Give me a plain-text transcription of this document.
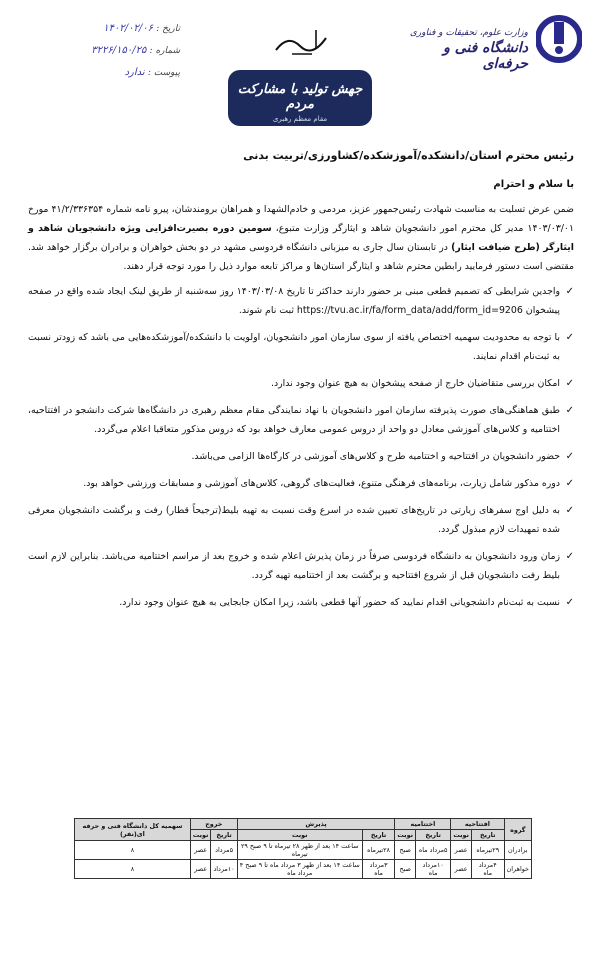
وزارت علوم، تحقیقات و فناوری
دانشگاه فنی و حرفه‌ای
جهش تولید با مشارکت مردم
مقام معظم رهبری
تاریخ : ۱۴۰۲/۰۲/۰۶
شماره : ۳۲۲۶/۱۵۰/۲۵
پیوست : ندارد
رئیس محترم استان/دانشکده/آموزشکده/کشاورزی/تربیت بدنی
با سلام و احترام
ضمن عرض تسلیت به مناسبت شهادت رئیس‌جمهور عزیز، مردمی و خادم‌الشهدا و همراهان برومندشان، پیرو نامه شماره ۴۱/۲/۳۳۶۳۵۴ مورخ ۱۴۰۳/۰۳/۰۱ مدیر کل محترم امور دانشجویان شاهد و ایثارگر وزارت متبوع، سومین دوره بصیرت‌افزایی ویژه دانشجویان شاهد و ایثارگر (طرح ضیافت ایثار) در تابستان سال جاری به میزبانی دانشگاه فردوسی مشهد در دو بخش خواهران و برادران برگزار خواهد شد. مقتضی است دستور فرمایید رابطین محترم شاهد و ایثارگر استان‌ها و مراکز تابعه موارد ذیل را مورد توجه قرار دهند.
✓
واجدین شرایطی که تصمیم قطعی مبنی بر حضور دارند حداکثر تا تاریخ ۱۴۰۳/۰۳/۰۸ روز سه‌شنبه از طریق لینک ایجاد شده واقع در صفحه پیشخوان https://tvu.ac.ir/fa/form_data/add/form_id=9206 ثبت نام شوند.
✓
با توجه به محدودیت سهمیه اختصاص یافته از سوی سازمان امور دانشجویان، اولویت با دانشکده/آموزشکده‌هایی می باشد که زودتر نسبت به ثبت‌نام اقدام نمایند.
✓
امکان بررسی متقاضیان خارج از صفحه پیشخوان به هیچ عنوان وجود ندارد.
✓
طبق هماهنگی‌های صورت پذیرفته سازمان امور دانشجویان با نهاد نمایندگی مقام معظم رهبری در دانشگاه‌ها شرکت دانشجو در افتتاحیه، اختتامیه و کلاس‌های آموزشی معادل دو واحد از دروس عمومی معارف خواهد بود که دروس مذکور متعاقبا اعلام می‌گردد.
✓
حضور دانشجویان در افتتاحیه و اختتامیه طرح و کلاس‌های آموزشی در کارگاه‌ها الزامی می‌باشد.
✓
دوره مذکور شامل زیارت، برنامه‌های فرهنگی متنوع، فعالیت‌های گروهی، کلاس‌های آموزشی و مسابقات ورزشی خواهد بود.
✓
به دلیل اوج سفرهای زیارتی در تاریخ‌های تعیین شده در اسرع وقت نسبت به تهیه بلیط(ترجیحاً قطار) رفت و برگشت دانشجویان معرفی شده تمهیدات لازم مبذول گردد.
✓
زمان ورود دانشجویان به دانشگاه فردوسی صرفاً در زمان پذیرش اعلام شده و خروج بعد از مراسم اختتامیه می‌باشد. بنابراین لازم است بلیط رفت دانشجویان قبل از شروع افتتاحیه و برگشت بعد از اختتامیه تهیه گردد.
✓
نسبت به ثبت‌نام دانشجویانی اقدام نمایید که حضور آنها قطعی باشد، زیرا امکان جابجایی به هیچ عنوان وجود ندارد.
گروه	افتتاحیه		اختتامیه		پذیرش		خروج		سهمیه کل دانشگاه فنی و حرفه ای(نفر)
	تاریخ	نوبت	تاریخ	نوبت	تاریخ	نوبت	تاریخ	نوبت	
برادران	۲۹تیرماه	عصر	۵مرداد ماه	صبح	۲۸تیرماه	ساعت ۱۴ بعد از ظهر ۲۸ تیرماه تا ۹ صبح ۲۹ تیرماه	۵مرداد	عصر	۸
خواهران	۴مرداد ماه	عصر	۱۰مرداد ماه	صبح	۳مرداد ماه	ساعت ۱۴ بعد از ظهر ۳ مرداد ماه تا ۹ صبح ۴ مرداد ماه	۱۰مرداد	عصر	۸
